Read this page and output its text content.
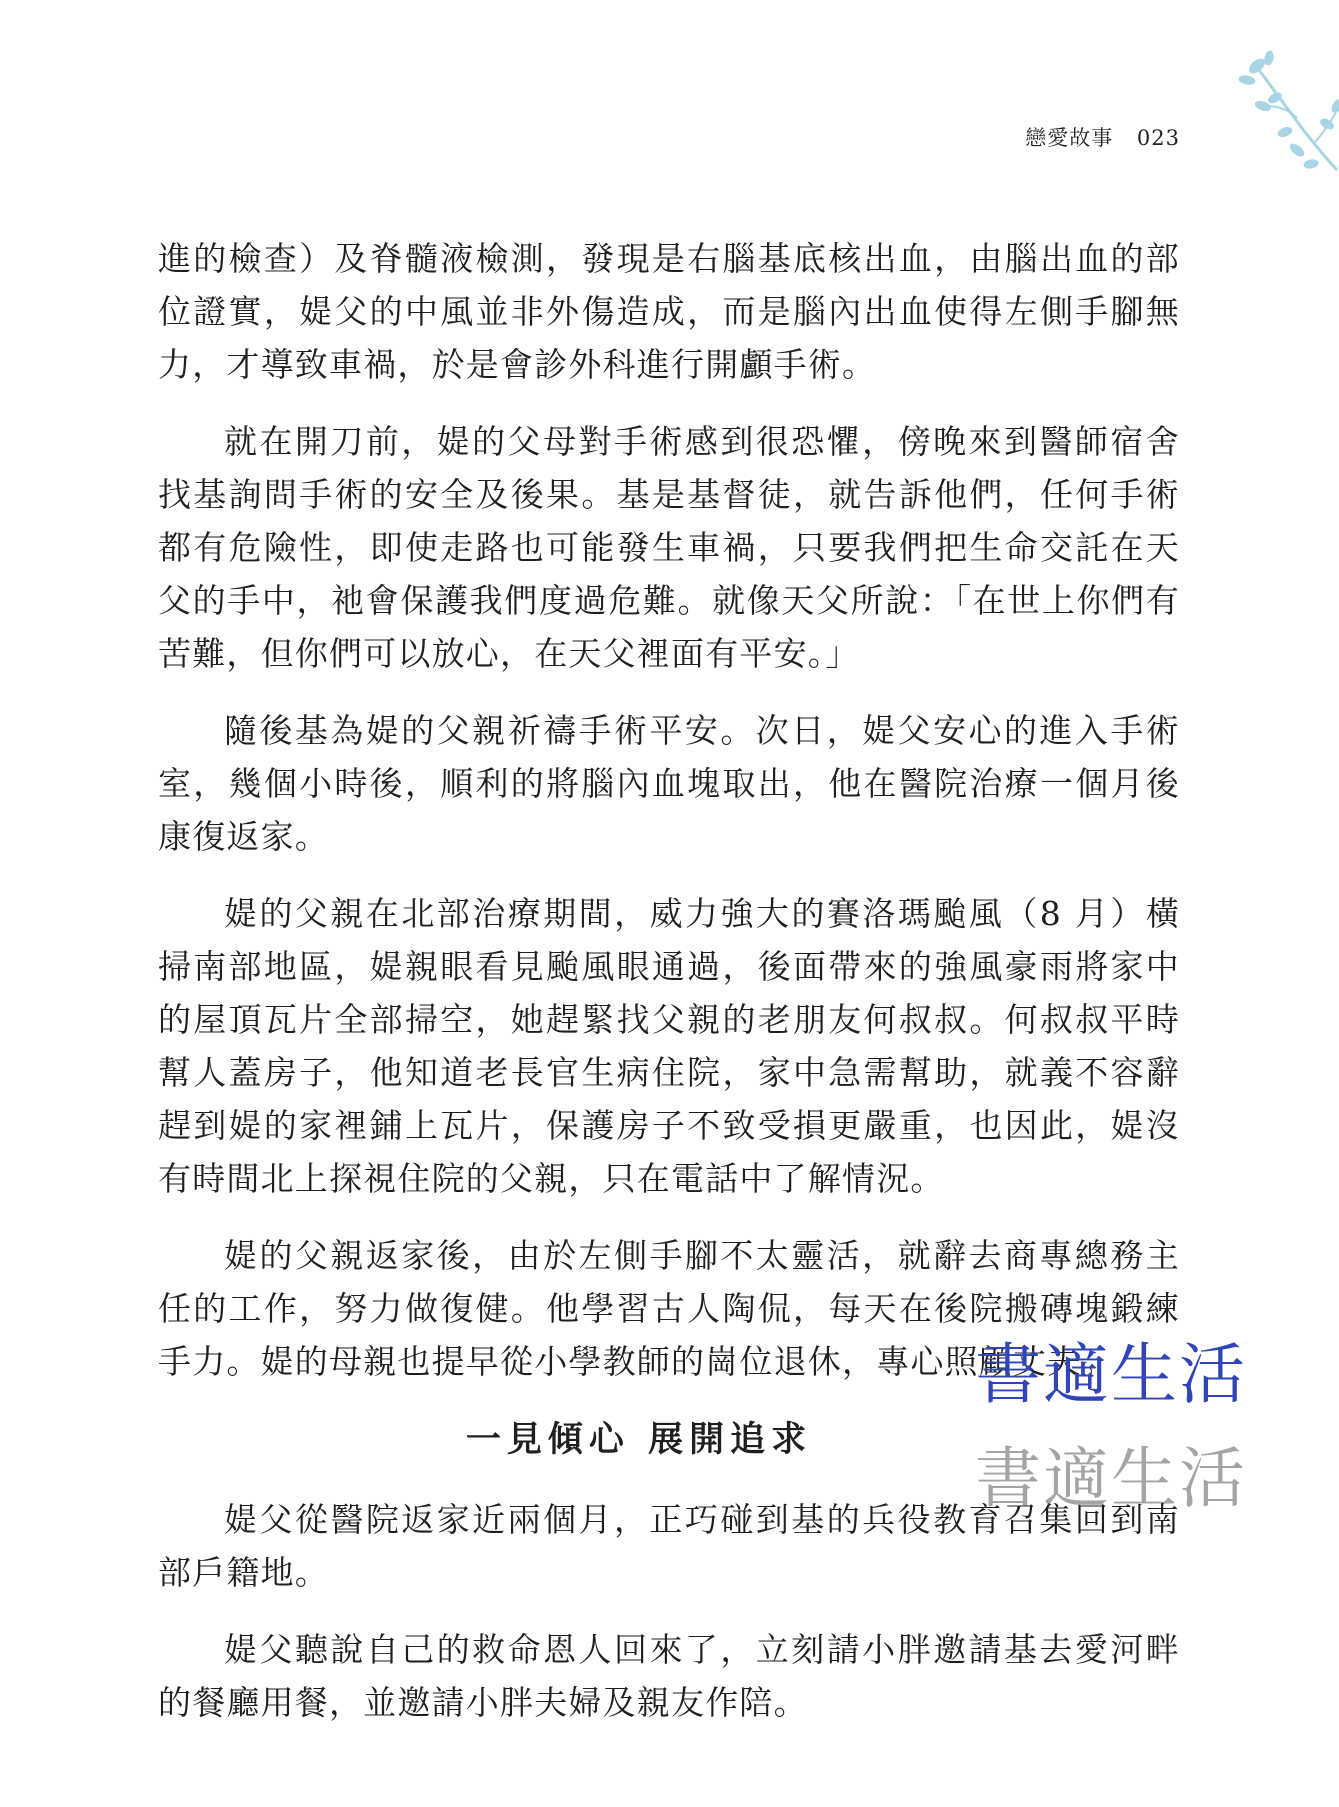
戀愛故事 023

進的檢查）及脊髓液檢測，發現是右腦基底核出血，由腦出血的部位證實，媞父的中風並非外傷造成，而是腦內出血使得左側手腳無力，才導致車禍，於是會診外科進行開顱手術。

就在開刀前，媞的父母對手術感到很恐懼，傍晚來到醫師宿舍找基詢問手術的安全及後果。基是基督徒，就告訴他們，任何手術都有危險性，即使走路也可能發生車禍，只要我們把生命交託在天父的手中，祂會保護我們度過危難。就像天父所說：「在世上你們有苦難，但你們可以放心，在天父裡面有平安。」

隨後基為媞的父親祈禱手術平安。次日，媞父安心的進入手術室，幾個小時後，順利的將腦內血塊取出，他在醫院治療一個月後康復返家。

媞的父親在北部治療期間，威力強大的賽洛瑪颱風（8 月）橫掃南部地區，媞親眼看見颱風眼通過，後面帶來的強風豪雨將家中的屋頂瓦片全部掃空，她趕緊找父親的老朋友何叔叔。何叔叔平時幫人蓋房子，他知道老長官生病住院，家中急需幫助，就義不容辭趕到媞的家裡鋪上瓦片，保護房子不致受損更嚴重，也因此，媞沒有時間北上探視住院的父親，只在電話中了解情況。

媞的父親返家後，由於左側手腳不太靈活，就辭去商專總務主任的工作，努力做復健。他學習古人陶侃，每天在後院搬磚塊鍛練手力。媞的母親也提早從小學教師的崗位退休，專心照顧丈夫。

一見傾心 展開追求

媞父從醫院返家近兩個月，正巧碰到基的兵役教育召集回到南部戶籍地。

媞父聽說自己的救命恩人回來了，立刻請小胖邀請基去愛河畔的餐廳用餐，並邀請小胖夫婦及親友作陪。

書適生活
書適生活
